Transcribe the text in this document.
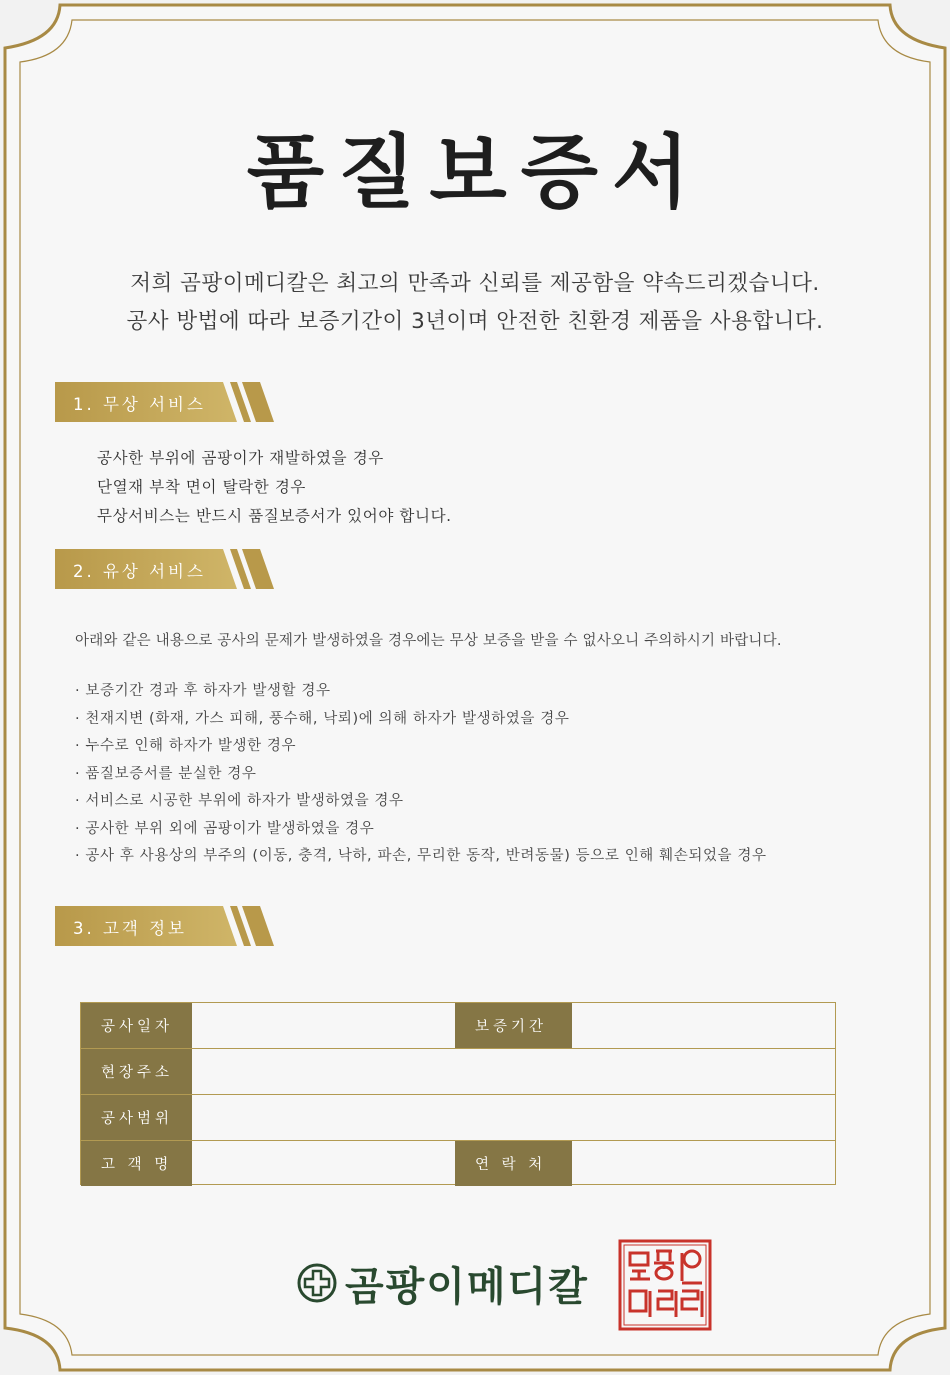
품질보증서

저희 곰팡이메디칼은 최고의 만족과 신뢰를 제공함을 약속드리겠습니다.

공사 방법에 따라 보증기간이 3년이며 안전한 친환경 제품을 사용합니다.

1. 무상 서비스
공사한 부위에 곰팡이가 재발하였을 경우
단열재 부착 면이 탈락한 경우
무상서비스는 반드시 품질보증서가 있어야 합니다.
2. 유상 서비스
아래와 같은 내용으로 공사의 문제가 발생하였을 경우에는 무상 보증을 받을 수 없사오니 주의하시기 바랍니다.
· 보증기간 경과 후 하자가 발생할 경우
· 천재지변 (화재, 가스 피해, 풍수해, 낙뢰)에 의해 하자가 발생하였을 경우
· 누수로 인해 하자가 발생한 경우
· 품질보증서를 분실한 경우
· 서비스로 시공한 부위에 하자가 발생하였을 경우
· 공사한 부위 외에 곰팡이가 발생하였을 경우
· 공사 후 사용상의 부주의 (이동, 충격, 낙하, 파손, 무리한 동작, 반려동물) 등으로 인해 훼손되었을 경우
3. 고객 정보
공사일자	보증기간
현장주소
공사범위
고 객 명	연 락 처
곰팡이메디칼
